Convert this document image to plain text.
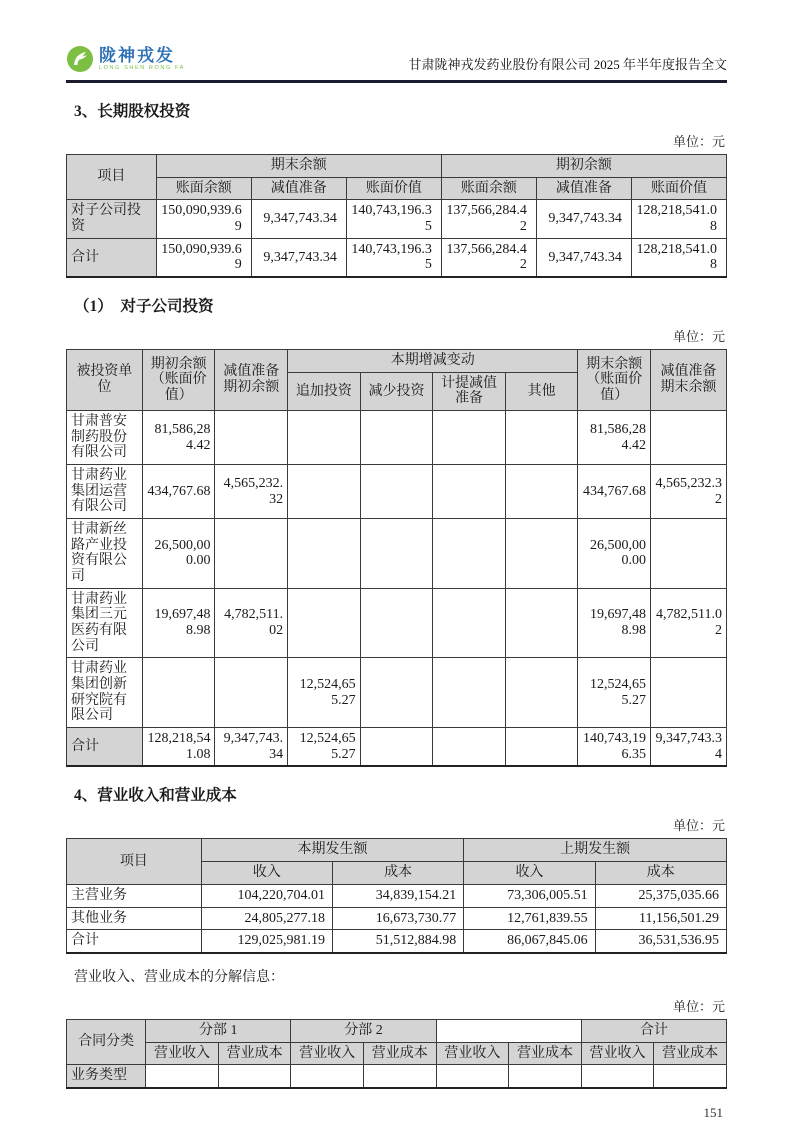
陇神戎发
LONG SHEN RONG FA	甘肃陇神戎发药业股份有限公司 2025 年半年度报告全文
3、长期股权投资
单位：元
项目	期末余额			期初余额		
	账面余额	减值准备	账面价值	账面余额	减值准备	账面价值
对子公司投资	150,090,939.69	9,347,743.34	140,743,196.35	137,566,284.42	9,347,743.34	128,218,541.08
合计	150,090,939.69	9,347,743.34	140,743,196.35	137,566,284.42	9,347,743.34	128,218,541.08
（1）　对子公司投资
单位：元
被投资单位	期初余额（账面价值）	减值准备期初余额	本期增减变动				期末余额（账面价值）	减值准备期末余额
			追加投资	减少投资	计提减值准备	其他		
甘肃普安制药股份有限公司	81,586,284.42						81,586,284.42	
甘肃药业集团运营有限公司	434,767.68	4,565,232.32					434,767.68	4,565,232.32
甘肃新丝路产业投资有限公司	26,500,000.00						26,500,000.00	
甘肃药业集团三元医药有限公司	19,697,488.98	4,782,511.02					19,697,488.98	4,782,511.02
甘肃药业集团创新研究院有限公司			12,524,655.27				12,524,655.27	
合计	128,218,541.08	9,347,743.34	12,524,655.27				140,743,196.35	9,347,743.34
4、营业收入和营业成本
单位：元
项目	本期发生额		上期发生额	
	收入	成本	收入	成本
主营业务	104,220,704.01	34,839,154.21	73,306,005.51	25,375,035.66
其他业务	24,805,277.18	16,673,730.77	12,761,839.55	11,156,501.29
合计	129,025,981.19	51,512,884.98	86,067,845.06	36,531,536.95
营业收入、营业成本的分解信息：
单位：元
合同分类	分部 1		分部 2				合计	
	营业收入	营业成本	营业收入	营业成本	营业收入	营业成本	营业收入	营业成本
业务类型								
151
